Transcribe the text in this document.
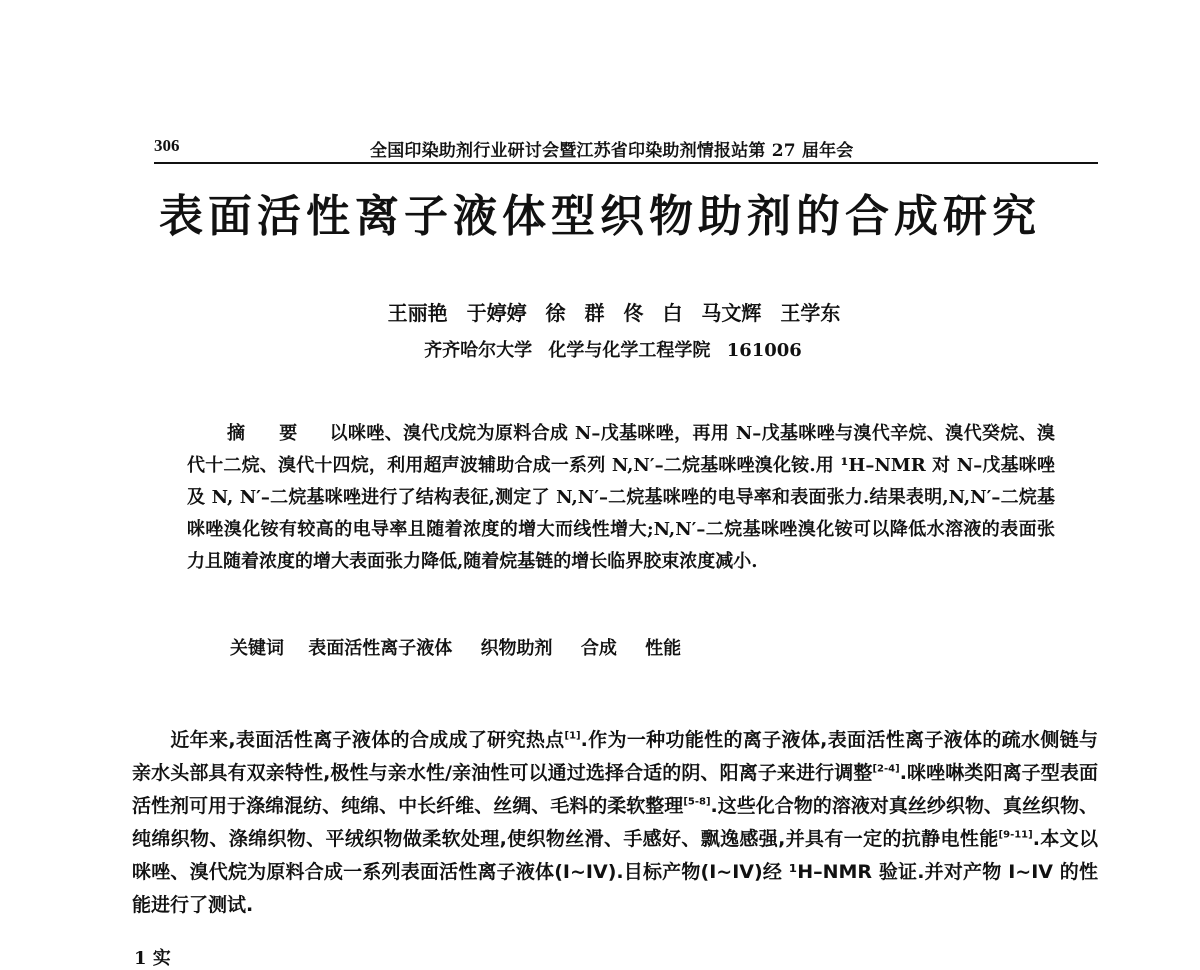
306	全国印染助剂行业研讨会暨江苏省印染助剂情报站第 27 届年会
表面活性离子液体型织物助剂的合成研究
王丽艳 于婷婷 徐 群 佟 白 马文辉 王学东
齐齐哈尔大学 化学与化学工程学院 161006
摘 要 以咪唑、溴代戊烷为原料合成 N–戊基咪唑，再用 N–戊基咪唑与溴代辛烷、溴代癸烷、溴代十二烷、溴代十四烷，利用超声波辅助合成一系列 N,N′–二烷基咪唑溴化铵.用 ¹H–NMR 对 N–戊基咪唑及 N, N′–二烷基咪唑进行了结构表征,测定了 N,N′–二烷基咪唑的电导率和表面张力.结果表明,N,N′–二烷基咪唑溴化铵有较高的电导率且随着浓度的增大而线性增大;N,N′–二烷基咪唑溴化铵可以降低水溶液的表面张力且随着浓度的增大表面张力降低,随着烷基链的增长临界胶束浓度减小.
关键词 表面活性离子液体 织物助剂 合成 性能
近年来,表面活性离子液体的合成成了研究热点[1].作为一种功能性的离子液体,表面活性离子液体的疏水侧链与亲水头部具有双亲特性,极性与亲水性/亲油性可以通过选择合适的阴、阳离子来进行调整[2-4].咪唑啉类阳离子型表面活性剂可用于涤绵混纺、纯绵、中长纤维、丝绸、毛料的柔软整理[5-8].这些化合物的溶液对真丝纱织物、真丝织物、纯绵织物、涤绵织物、平绒织物做柔软处理,使织物丝滑、手感好、飘逸感强,并具有一定的抗静电性能[9-11].本文以咪唑、溴代烷为原料合成一系列表面活性离子液体(I~IV).目标产物(I~IV)经 ¹H–NMR 验证.并对产物 I~IV 的性能进行了测试.
1 实
